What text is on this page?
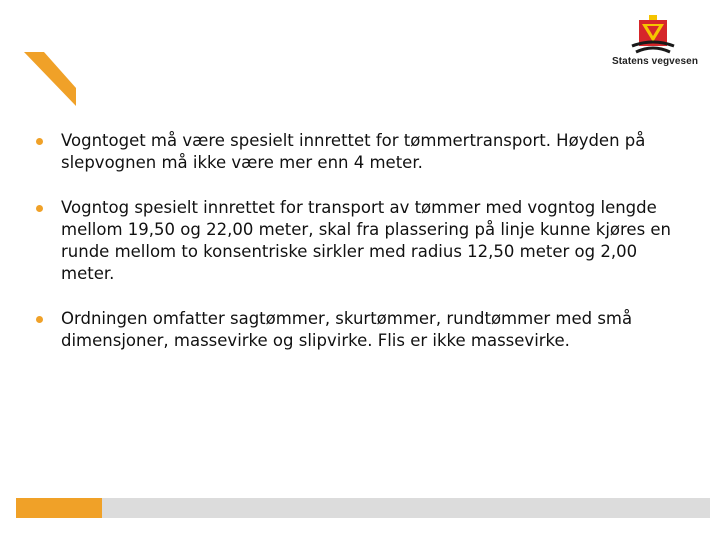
Statens vegvesen
Vogntoget må være spesielt innrettet for tømmertransport. Høyden på slepvognen må ikke være mer enn 4 meter.
Vogntog spesielt innrettet for transport av tømmer med vogntog lengde mellom 19,50 og 22,00 meter, skal fra plassering på linje kunne kjøres en runde mellom to konsentriske sirkler med radius 12,50 meter og 2,00 meter.
Ordningen omfatter sagtømmer, skurtømmer, rundtømmer med små dimensjoner, massevirke og slipvirke. Flis er ikke massevirke.
